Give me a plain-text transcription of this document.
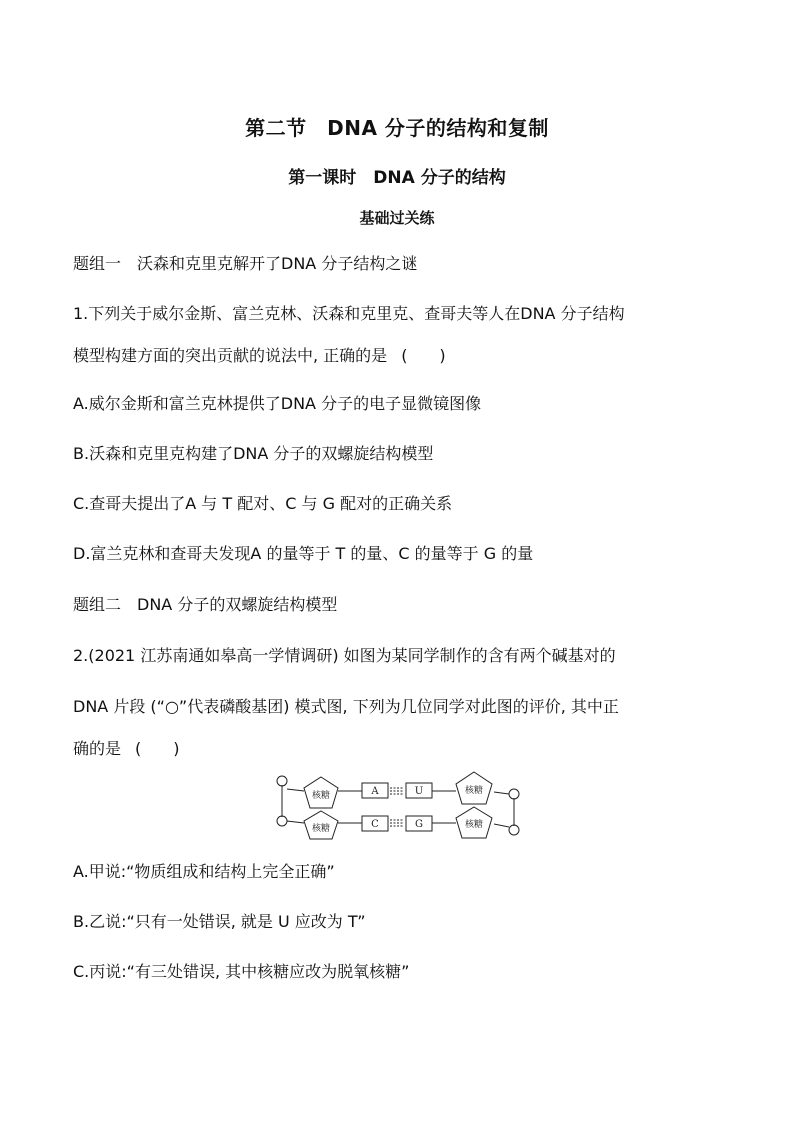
第二节　DNA 分子的结构和复制
第一课时　DNA 分子的结构
基础过关练
题组一　沃森和克里克解开了DNA 分子结构之谜
1.下列关于威尔金斯、富兰克林、沃森和克里克、查哥夫等人在DNA 分子结构
模型构建方面的突出贡献的说法中, 正确的是 (　　)
A.威尔金斯和富兰克林提供了DNA 分子的电子显微镜图像
B.沃森和克里克构建了DNA 分子的双螺旋结构模型
C.查哥夫提出了A 与 T 配对、C 与 G 配对的正确关系
D.富兰克林和查哥夫发现A 的量等于 T 的量、C 的量等于 G 的量
题组二　DNA 分子的双螺旋结构模型
2.(2021 江苏南通如皋高一学情调研) 如图为某同学制作的含有两个碱基对的
DNA 片段 (“○”代表磷酸基团) 模式图, 下列为几位同学对此图的评价, 其中正
确的是 (　　)
核糖
核糖
核糖
核糖
A	U
C	G
A.甲说:“物质组成和结构上完全正确”
B.乙说:“只有一处错误, 就是 U 应改为 T”
C.丙说:“有三处错误, 其中核糖应改为脱氧核糖”
